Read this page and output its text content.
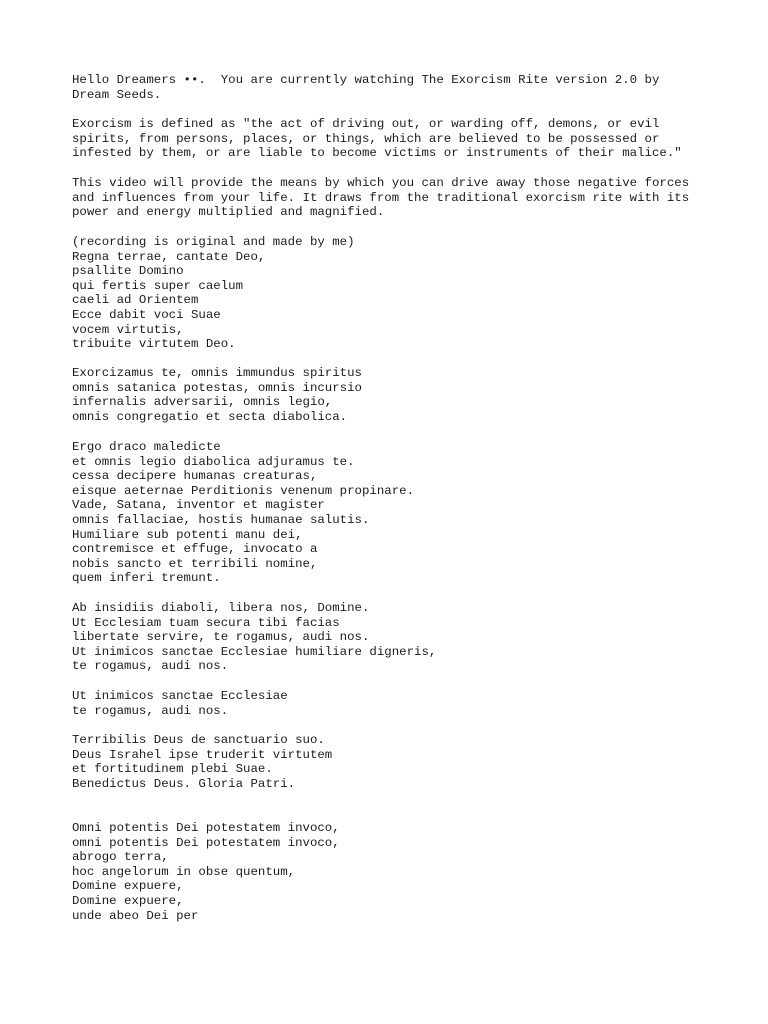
Hello Dreamers ••.  You are currently watching The Exorcism Rite version 2.0 by
Dream Seeds.

Exorcism is defined as "the act of driving out, or warding off, demons, or evil
spirits, from persons, places, or things, which are believed to be possessed or
infested by them, or are liable to become victims or instruments of their malice."

This video will provide the means by which you can drive away those negative forces
and influences from your life. It draws from the traditional exorcism rite with its
power and energy multiplied and magnified.

(recording is original and made by me)
Regna terrae, cantate Deo,
psallite Domino
qui fertis super caelum
caeli ad Orientem
Ecce dabit voci Suae
vocem virtutis,
tribuite virtutem Deo.

Exorcizamus te, omnis immundus spiritus
omnis satanica potestas, omnis incursio
infernalis adversarii, omnis legio,
omnis congregatio et secta diabolica.

Ergo draco maledicte
et omnis legio diabolica adjuramus te.
cessa decipere humanas creaturas,
eisque aeternae Perditionis venenum propinare.
Vade, Satana, inventor et magister
omnis fallaciae, hostis humanae salutis.
Humiliare sub potenti manu dei,
contremisce et effuge, invocato a
nobis sancto et terribili nomine,
quem inferi tremunt.

Ab insidiis diaboli, libera nos, Domine.
Ut Ecclesiam tuam secura tibi facias
libertate servire, te rogamus, audi nos.
Ut inimicos sanctae Ecclesiae humiliare digneris,
te rogamus, audi nos.

Ut inimicos sanctae Ecclesiae
te rogamus, audi nos.

Terribilis Deus de sanctuario suo.
Deus Israhel ipse truderit virtutem
et fortitudinem plebi Suae.
Benedictus Deus. Gloria Patri.

Omni potentis Dei potestatem invoco,
omni potentis Dei potestatem invoco,
abrogo terra,
hoc angelorum in obse quentum,
Domine expuere,
Domine expuere,
unde abeo Dei per
